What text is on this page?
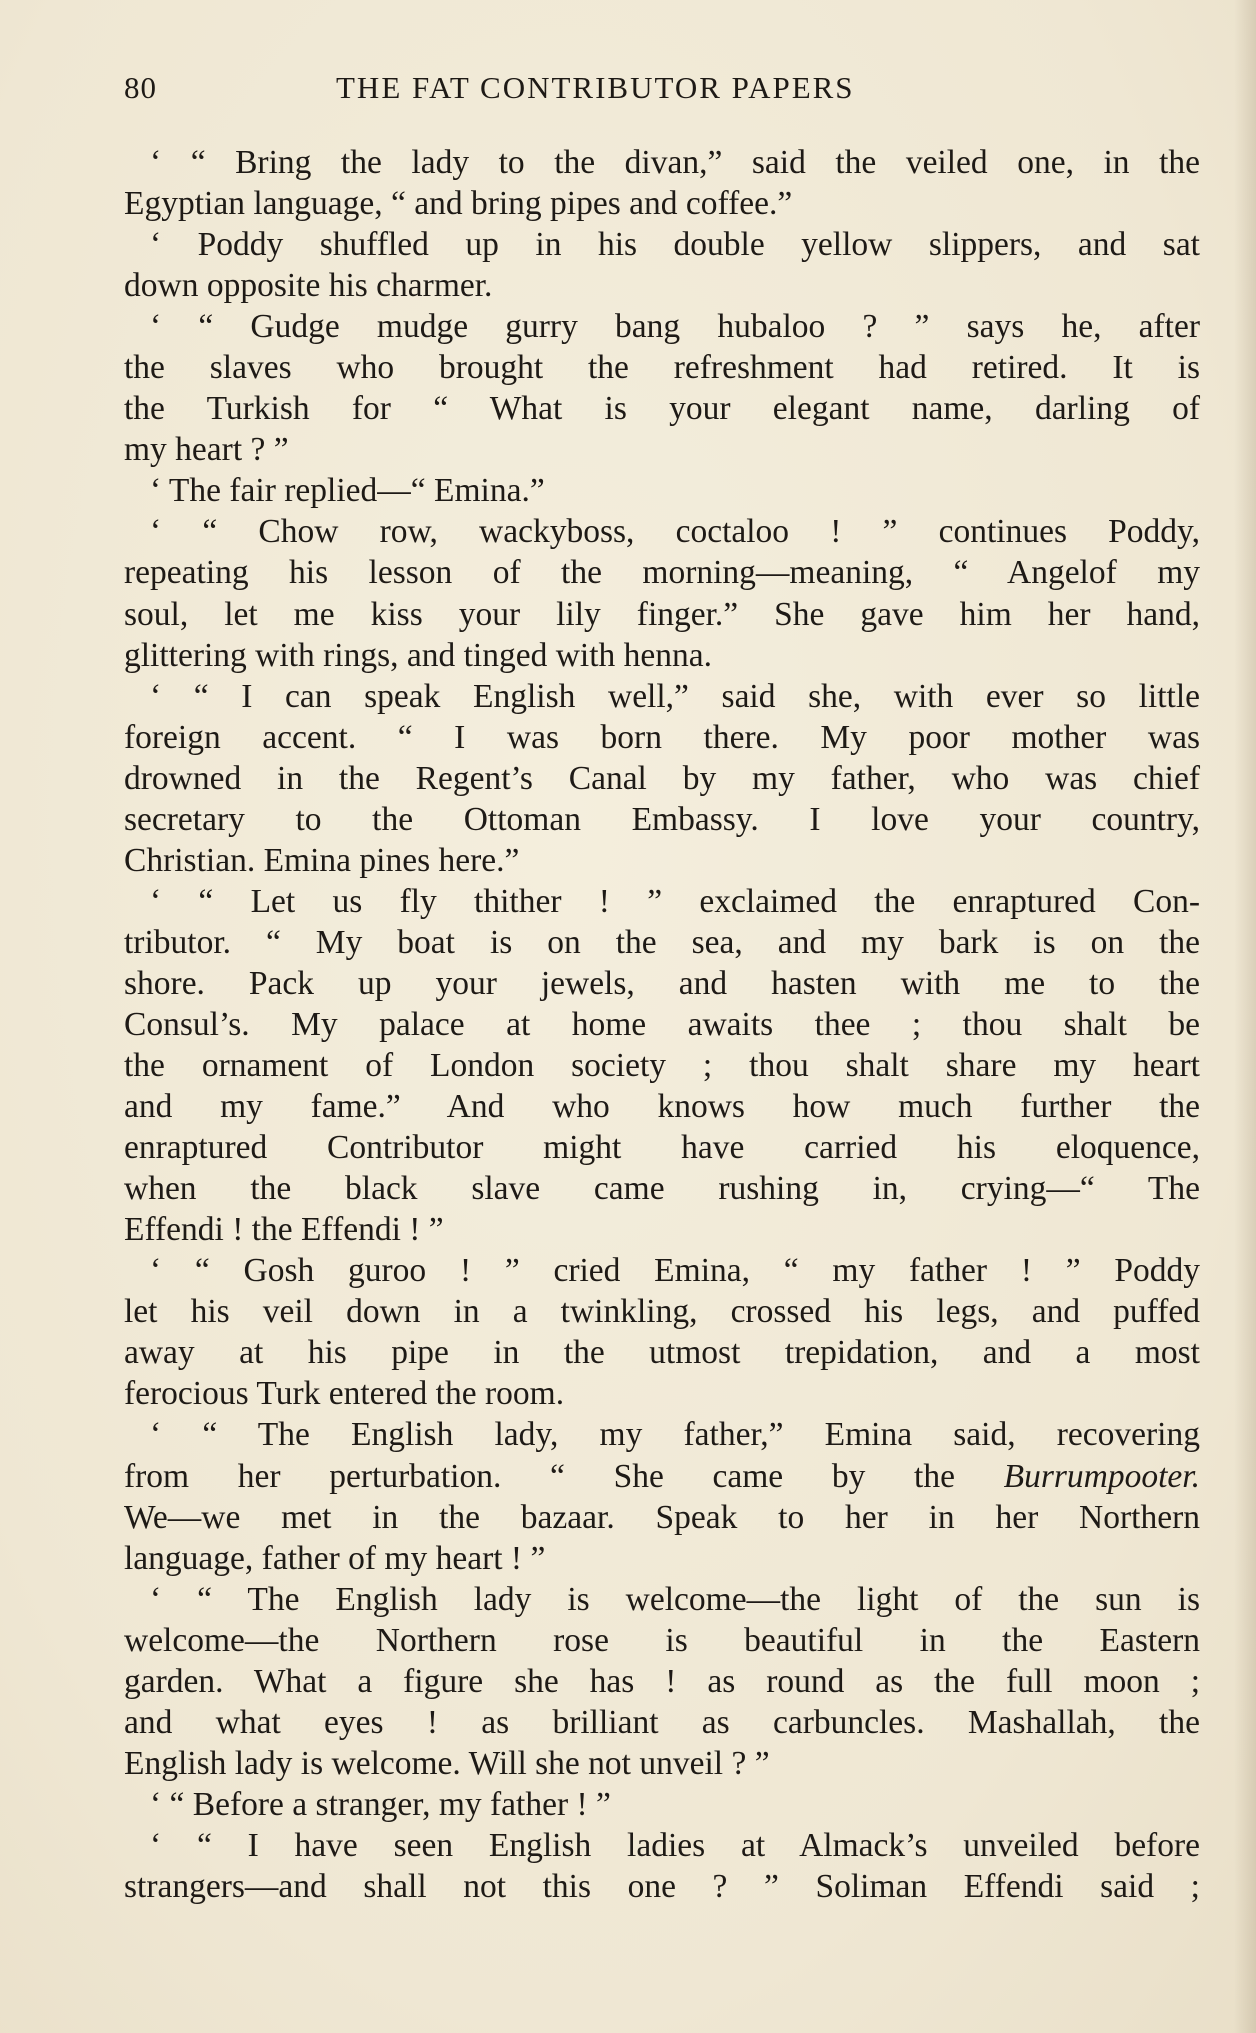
80	THE FAT CONTRIBUTOR PAPERS
‘ “ Bring the lady to the divan,” said the veiled one, in the
Egyptian language, “ and bring pipes and coffee.”
‘ Poddy shuffled up in his double yellow slippers, and sat
down opposite his charmer.
‘ “ Gudge mudge gurry bang hubaloo ? ” says he, after
the slaves who brought the refreshment had retired. It is
the Turkish for “ What is your elegant name, darling of
my heart ? ”
‘ The fair replied—“ Emina.”
‘ “ Chow row, wackyboss, coctaloo ! ” continues Poddy,
repeating his lesson of the morning—meaning, “ Angelof my
soul, let me kiss your lily finger.” She gave him her hand,
glittering with rings, and tinged with henna.
‘ “ I can speak English well,” said she, with ever so little
foreign accent. “ I was born there. My poor mother was
drowned in the Regent’s Canal by my father, who was chief
secretary to the Ottoman Embassy. I love your country,
Christian. Emina pines here.”
‘ “ Let us fly thither ! ” exclaimed the enraptured Con-
tributor. “ My boat is on the sea, and my bark is on the
shore. Pack up your jewels, and hasten with me to the
Consul’s. My palace at home awaits thee ; thou shalt be
the ornament of London society ; thou shalt share my heart
and my fame.” And who knows how much further the
enraptured Contributor might have carried his eloquence,
when the black slave came rushing in, crying—“ The
Effendi ! the Effendi ! ”
‘ “ Gosh guroo ! ” cried Emina, “ my father ! ” Poddy
let his veil down in a twinkling, crossed his legs, and puffed
away at his pipe in the utmost trepidation, and a most
ferocious Turk entered the room.
‘ “ The English lady, my father,” Emina said, recovering
from her perturbation. “ She came by the Burrumpooter.
We—we met in the bazaar. Speak to her in her Northern
language, father of my heart ! ”
‘ “ The English lady is welcome—the light of the sun is
welcome—the Northern rose is beautiful in the Eastern
garden. What a figure she has ! as round as the full moon ;
and what eyes ! as brilliant as carbuncles. Mashallah, the
English lady is welcome. Will she not unveil ? ”
‘ “ Before a stranger, my father ! ”
‘ “ I have seen English ladies at Almack’s unveiled before
strangers—and shall not this one ? ” Soliman Effendi said ;
